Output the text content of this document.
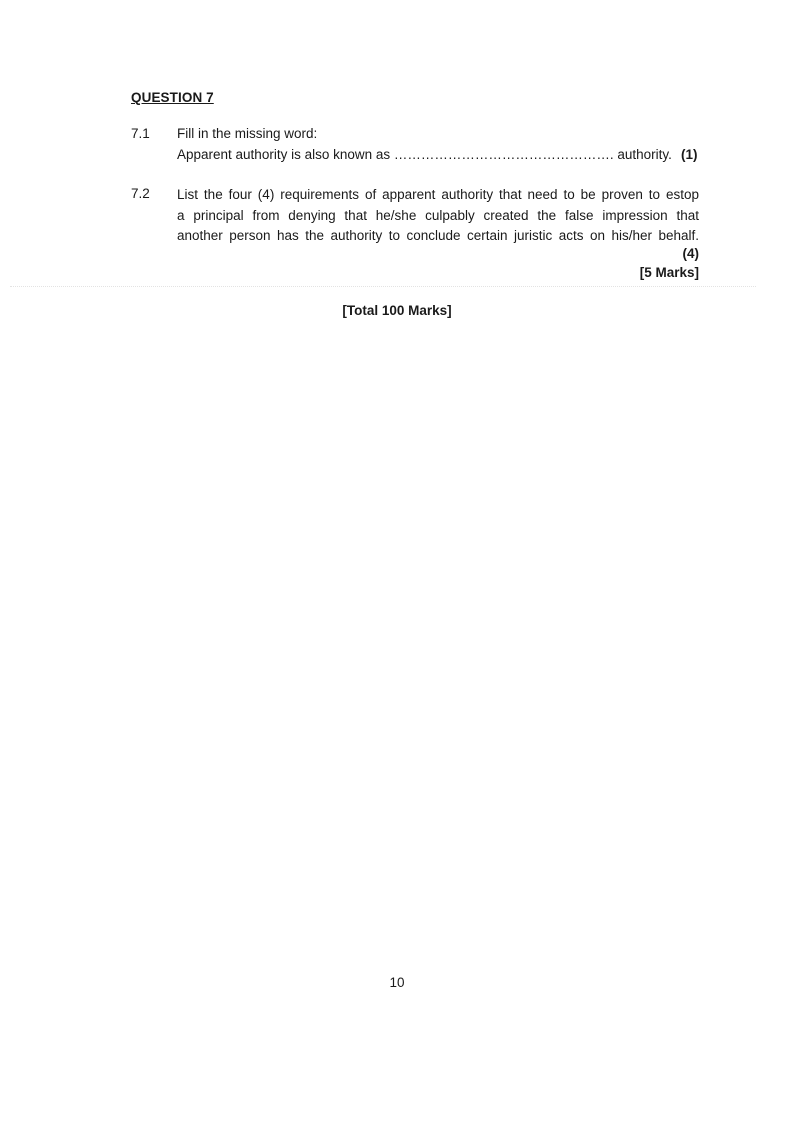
QUESTION 7
7.1 Fill in the missing word:
Apparent authority is also known as …………………………………………. authority. (1)
7.2 List the four (4) requirements of apparent authority that need to be proven to estop
a principal from denying that he/she culpably created the false impression that
another person has the authority to conclude certain juristic acts on his/her behalf.
(4)
[5 Marks]
[Total 100 Marks]
10
